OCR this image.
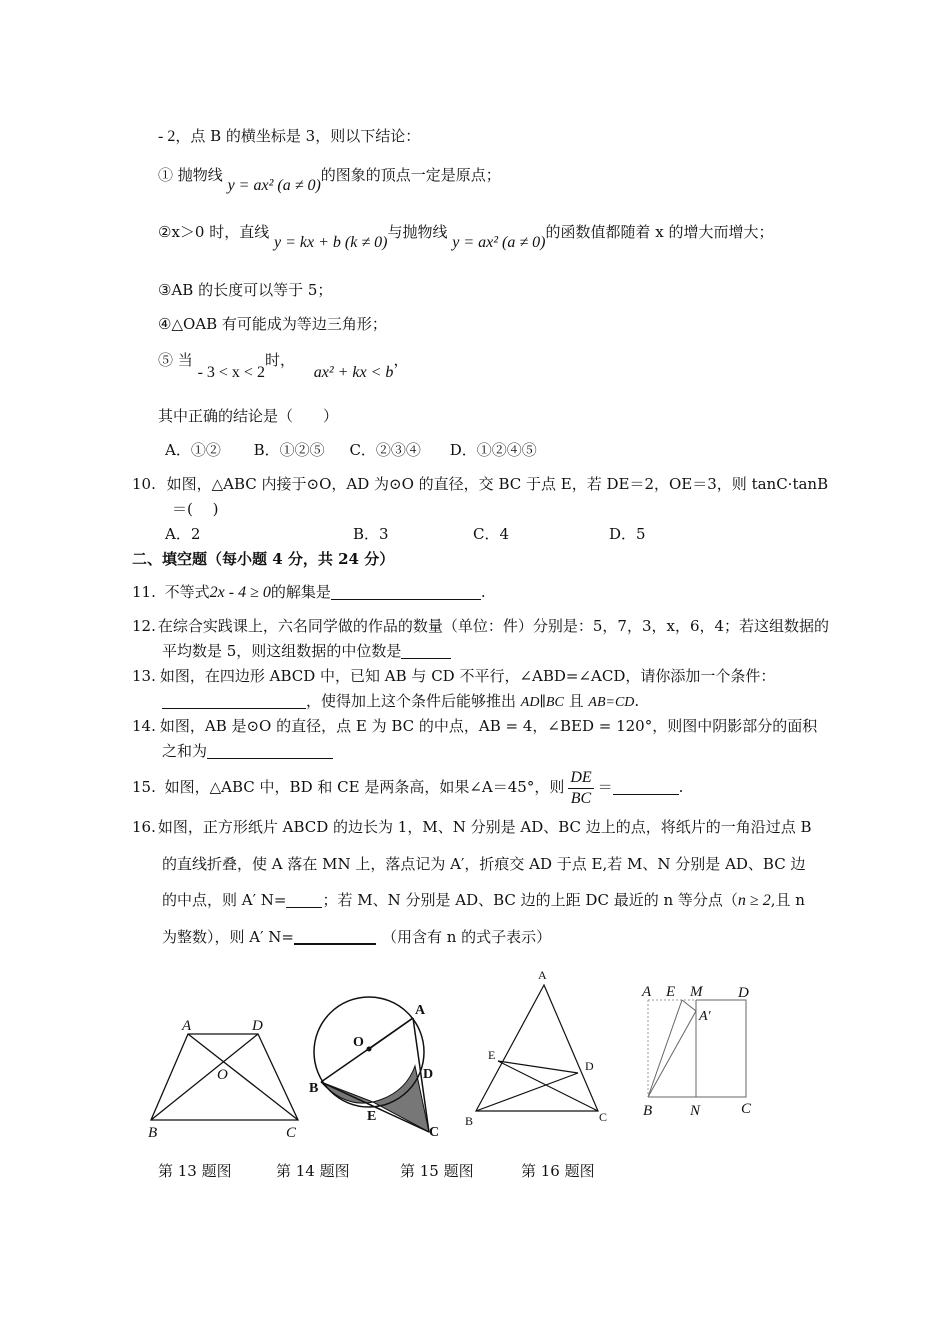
- 2，点 B 的横坐标是 3，则以下结论：
① 抛物线 y = ax² (a ≠ 0)的图象的顶点一定是原点；
②x＞0 时，直线 y = kx + b (k ≠ 0)与抛物线 y = ax² (a ≠ 0)的函数值都随着 x 的增大而增大；
③AB 的长度可以等于 5；
④△OAB 有可能成为等边三角形；
⑤ 当 - 3 < x < 2时， ax² + kx < b，
其中正确的结论是（　　）
A．①② B．①②⑤ C．②③④ D．①②④⑤
10. 如图，△ABC 内接于⊙O，AD 为⊙O 的直径，交 BC 于点 E，若 DE＝2，OE＝3，则 tanC·tanB
＝(　 )
A．2	B．3	C．4	D．5
二、填空题（每小题 4 分，共 24 分）
11. 不等式2x - 4 ≥ 0的解集是	.
12. 在综合实践课上，六名同学做的作品的数量（单位：件）分别是：5，7，3，x，6，4；若这组数据的
平均数是 5，则这组数据的中位数是
13. 如图，在四边形 ABCD 中，已知 AB 与 CD 不平行，∠ABD=∠ACD，请你添加一个条件：
，使得加上这个条件后能够推出 AD∥BC 且 AB=CD.
14. 如图，AB 是⊙O 的直径，点 E 为 BC 的中点，AB = 4，∠BED = 120°，则图中阴影部分的面积
之和为
15. 如图，△ABC 中，BD 和 CE 是两条高，如果∠A＝45°，则 $\frac{DE}{BC}$ ＝	.
16. 如图，正方形纸片 ABCD 的边长为 1，M、N 分别是 AD、BC 边上的点，将纸片的一角沿过点 B
的直线折叠，使 A 落在 MN 上，落点记为 A′，折痕交 AD 于点 E,若 M、N 分别是 AD、BC 边
的中点，则 A′ N= ；若 M、N 分别是 AD、BC 边的上距 DC 最近的 n 等分点（n ≥ 2,且 n
为整数），则 A′ N=	（用含有 n 的式子表示）
A	D
O
B	C
A
O
B
E
D
C
A
E
D
B	C
A E M D
A′
B	N	C
第 13 题图	第 14 题图	第 15 题图	第 16 题图
